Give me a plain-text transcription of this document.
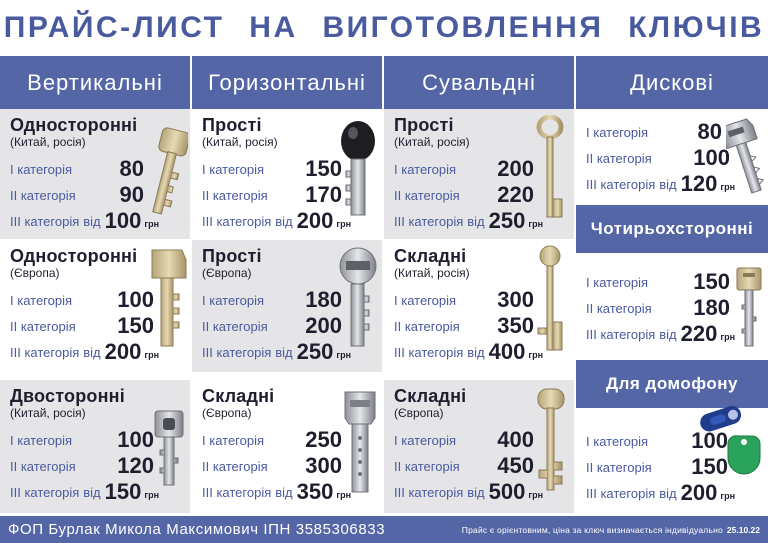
ПРАЙС-ЛИСТ НА ВИГОТОВЛЕННЯ КЛЮЧІВ
Вертикальні	Горизонтальні	Сувальдні	Дискові
Односторонні
(Китай, росія)
І категорія 80
ІІ категорія 90
ІІІ категорія від 100 грн
Прості
(Китай, росія)
І категорія 150
ІІ категорія 170
ІІІ категорія від 200 грн
Прості
(Китай, росія)
І категорія 200
ІІ категорія 220
ІІІ категорія від 250 грн
Односторонні
(Європа)
І категорія 100
ІІ категорія 150
ІІІ категорія від 200 грн
Прості
(Європа)
І категорія 180
ІІ категорія 200
ІІІ категорія від 250 грн
Складні
(Китай, росія)
І категорія 300
ІІ категорія 350
ІІІ категорія від 400 грн
Двосторонні
(Китай, росія)
І категорія 100
ІІ категорія 120
ІІІ категорія від 150 грн
Складні
(Європа)
І категорія 250
ІІ категорія 300
ІІІ категорія від 350 грн
Складні
(Європа)
І категорія 400
ІІ категорія 450
ІІІ категорія від 500 грн
І категорія 80
ІІ категорія 100
ІІІ категорія від 120 грн
Чотирьохсторонні
І категорія 150
ІІ категорія 180
ІІІ категорія від 220 грн
Для домофону
І категорія 100
ІІ категорія 150
ІІІ категорія від 200 грн
ФОП Бурлак Микола Максимович ІПН 3585306833	Прайс є орієнтовним, ціна за ключ визначається індивідуально 25.10.22
